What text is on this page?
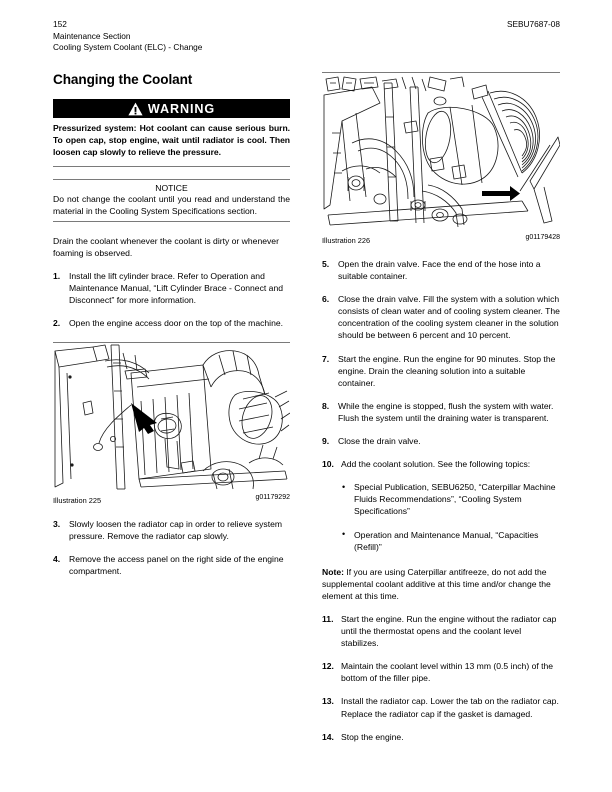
152
Maintenance Section
Cooling System Coolant (ELC) - Change
SEBU7687-08
Changing the Coolant
WARNING
Pressurized system: Hot coolant can cause serious burn. To open cap, stop engine, wait until radiator is cool. Then loosen cap slowly to relieve the pressure.
NOTICE

Do not change the coolant until you read and understand the material in the Cooling System Specifications section.

Drain the coolant whenever the coolant is dirty or whenever foaming is observed.

1.	Install the lift cylinder brace. Refer to Operation and Maintenance Manual, “Lift Cylinder Brace - Connect and Disconnect” for more information.
2.	Open the engine access door on the top of the machine.
Illustration 225	g01179292
3.	Slowly loosen the radiator cap in order to relieve system pressure. Remove the radiator cap slowly.
4.	Remove the access panel on the right side of the engine compartment.
Illustration 226	g01179428
5.	Open the drain valve. Face the end of the hose into a suitable container.
6.	Close the drain valve. Fill the system with a solution which consists of clean water and of cooling system cleaner. The concentration of the cooling system cleaner in the solution should be between 6 percent and 10 percent.
7.	Start the engine. Run the engine for 90 minutes. Stop the engine. Drain the cleaning solution into a suitable container.
8.	While the engine is stopped, flush the system with water. Flush the system until the draining water is transparent.
9.	Close the drain valve.
10. Add the coolant solution. See the following topics:
• Special Publication, SEBU6250, “Caterpillar Machine Fluids Recommendations”, “Cooling System Specifications”
• Operation and Maintenance Manual, “Capacities (Refill)”

Note: If you are using Caterpillar antifreeze, do not add the supplemental coolant additive at this time and/or change the element at this time.

11. Start the engine. Run the engine without the radiator cap until the thermostat opens and the coolant level stabilizes.
12. Maintain the coolant level within 13 mm (0.5 inch) of the bottom of the filler pipe.
13. Install the radiator cap. Lower the tab on the radiator cap. Replace the radiator cap if the gasket is damaged.
14. Stop the engine.
